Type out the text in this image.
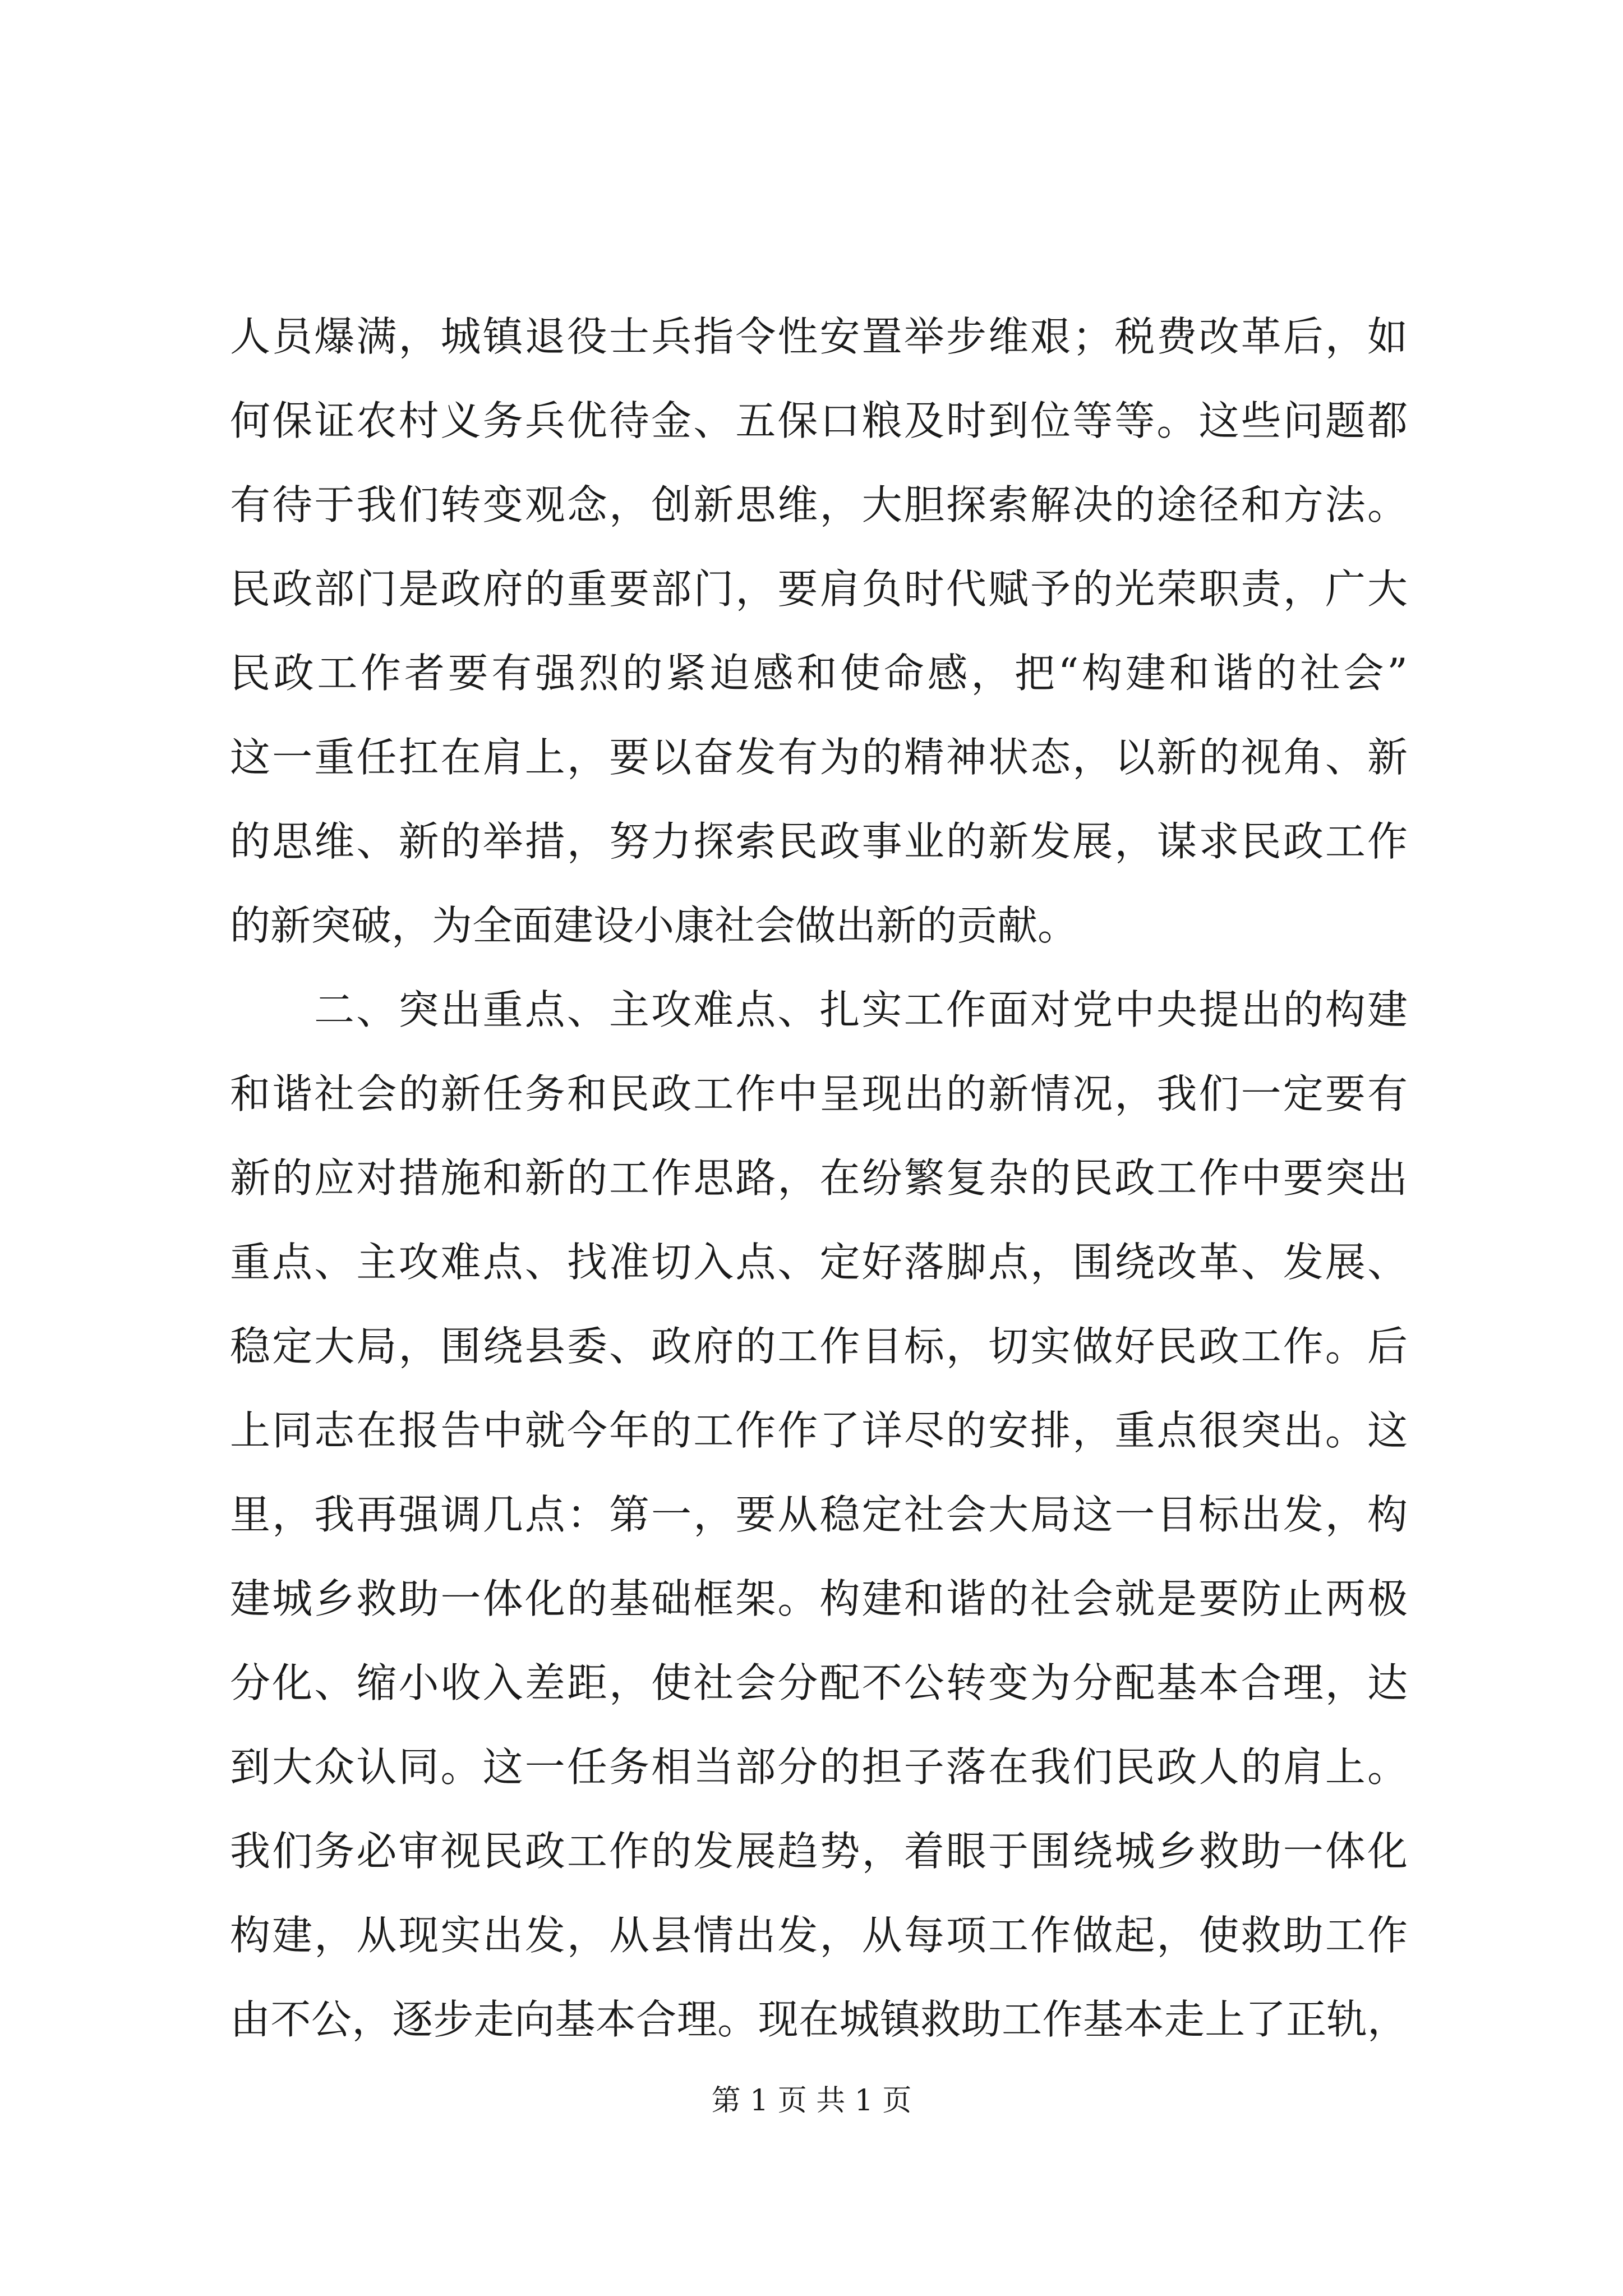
人员爆满，城镇退役士兵指令性安置举步维艰；税费改革后，如
何保证农村义务兵优待金、五保口粮及时到位等等。这些问题都
有待于我们转变观念，创新思维，大胆探索解决的途径和方法。
民政部门是政府的重要部门，要肩负时代赋予的光荣职责，广大
民政工作者要有强烈的紧迫感和使命感，把“构建和谐的社会”
这一重任扛在肩上，要以奋发有为的精神状态，以新的视角、新
的思维、新的举措，努力探索民政事业的新发展，谋求民政工作
的新突破，为全面建设小康社会做出新的贡献。
二、突出重点、主攻难点、扎实工作面对党中央提出的构建
和谐社会的新任务和民政工作中呈现出的新情况，我们一定要有
新的应对措施和新的工作思路，在纷繁复杂的民政工作中要突出
重点、主攻难点、找准切入点、定好落脚点，围绕改革、发展、
稳定大局，围绕县委、政府的工作目标，切实做好民政工作。后
上同志在报告中就今年的工作作了详尽的安排，重点很突出。这
里，我再强调几点：第一，要从稳定社会大局这一目标出发，构
建城乡救助一体化的基础框架。构建和谐的社会就是要防止两极
分化、缩小收入差距，使社会分配不公转变为分配基本合理，达
到大众认同。这一任务相当部分的担子落在我们民政人的肩上。
我们务必审视民政工作的发展趋势，着眼于围绕城乡救助一体化
构建，从现实出发，从县情出发，从每项工作做起，使救助工作
由不公，逐步走向基本合理。现在城镇救助工作基本走上了正轨，
第 1 页 共 1 页
